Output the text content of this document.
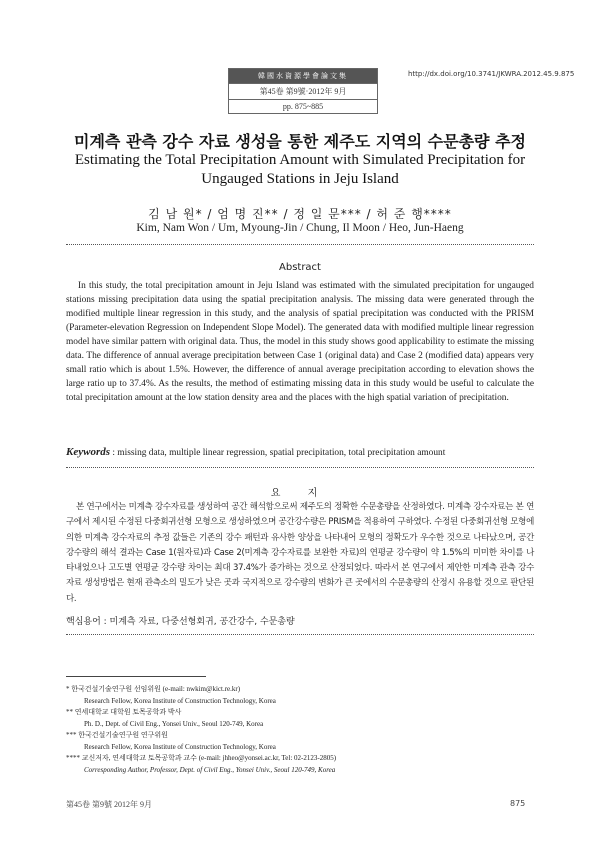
韓國水資源學會論文集
第45卷 第9號·2012年 9月
pp. 875~885
http://dx.doi.org/10.3741/JKWRA.2012.45.9.875
미계측 관측 강수 자료 생성을 통한 제주도 지역의 수문총량 추정
Estimating the Total Precipitation Amount with Simulated Precipitation for
Ungauged Stations in Jeju Island
김 남 원* / 엄 명 진** / 정 일 문*** / 허 준 행****
Kim, Nam Won / Um, Myoung-Jin / Chung, Il Moon / Heo, Jun-Haeng
Abstract
In this study, the total precipitation amount in Jeju Island was estimated with the simulated precipitation for ungauged stations missing precipitation data using the spatial precipitation analysis. The missing data were generated through the modified multiple linear regression in this study, and the analysis of spatial precipitation was conducted with the PRISM (Parameter-elevation Regression on Independent Slope Model). The generated data with modified multiple linear regression model have similar pattern with original data. Thus, the model in this study shows good applicability to estimate the missing data. The difference of annual average precipitation between Case 1 (original data) and Case 2 (modified data) appears very small ratio which is about 1.5%. However, the difference of annual average precipitation according to elevation shows the large ratio up to 37.4%. As the results, the method of estimating missing data in this study would be useful to calculate the total precipitation amount at the low station density area and the places with the high spatial variation of precipitation.
Keywords : missing data, multiple linear regression, spatial precipitation, total precipitation amount
요 지
본 연구에서는 미계측 강수자료를 생성하여 공간 해석함으로써 제주도의 정확한 수문총량을 산정하였다. 미계측 강수자료는 본 연구에서 제시된 수정된 다중회귀선형 모형으로 생성하였으며 공간강수량은 PRISM을 적용하여 구하였다. 수정된 다중회귀선형 모형에 의한 미계측 강수자료의 추정 값들은 기존의 강수 패턴과 유사한 양상을 나타내어 모형의 정확도가 우수한 것으로 나타났으며, 공간강수량의 해석 결과는 Case 1(원자료)과 Case 2(미계측 강수자료를 보완한 자료)의 연평균 강수량이 약 1.5%의 미미한 차이를 나타내었으나 고도별 연평균 강수량 차이는 최대 37.4%가 증가하는 것으로 산정되었다. 따라서 본 연구에서 제안한 미계측 관측 강수 자료 생성방법은 현재 관측소의 밀도가 낮은 곳과 국지적으로 강수량의 변화가 큰 곳에서의 수문총량의 산정시 유용할 것으로 판단된다.
핵심용어 : 미계측 자료, 다중선형회귀, 공간강수, 수문총량
* 한국건설기술연구원 선임위원 (e-mail: nwkim@kict.re.kr)
Research Fellow, Korea Institute of Construction Technology, Korea
** 연세대학교 대학원 토목공학과 박사
Ph. D., Dept. of Civil Eng., Yonsei Univ., Seoul 120-749, Korea
*** 한국건설기술연구원 연구위원
Research Fellow, Korea Institute of Construction Technology, Korea
**** 교신저자, 연세대학교 토목공학과 교수 (e-mail: jhheo@yonsei.ac.kr, Tel: 02-2123-2805)
Corresponding Author, Professor, Dept. of Civil Eng., Yonsei Univ., Seoul 120-749, Korea
第45卷 第9號 2012年 9月	875
